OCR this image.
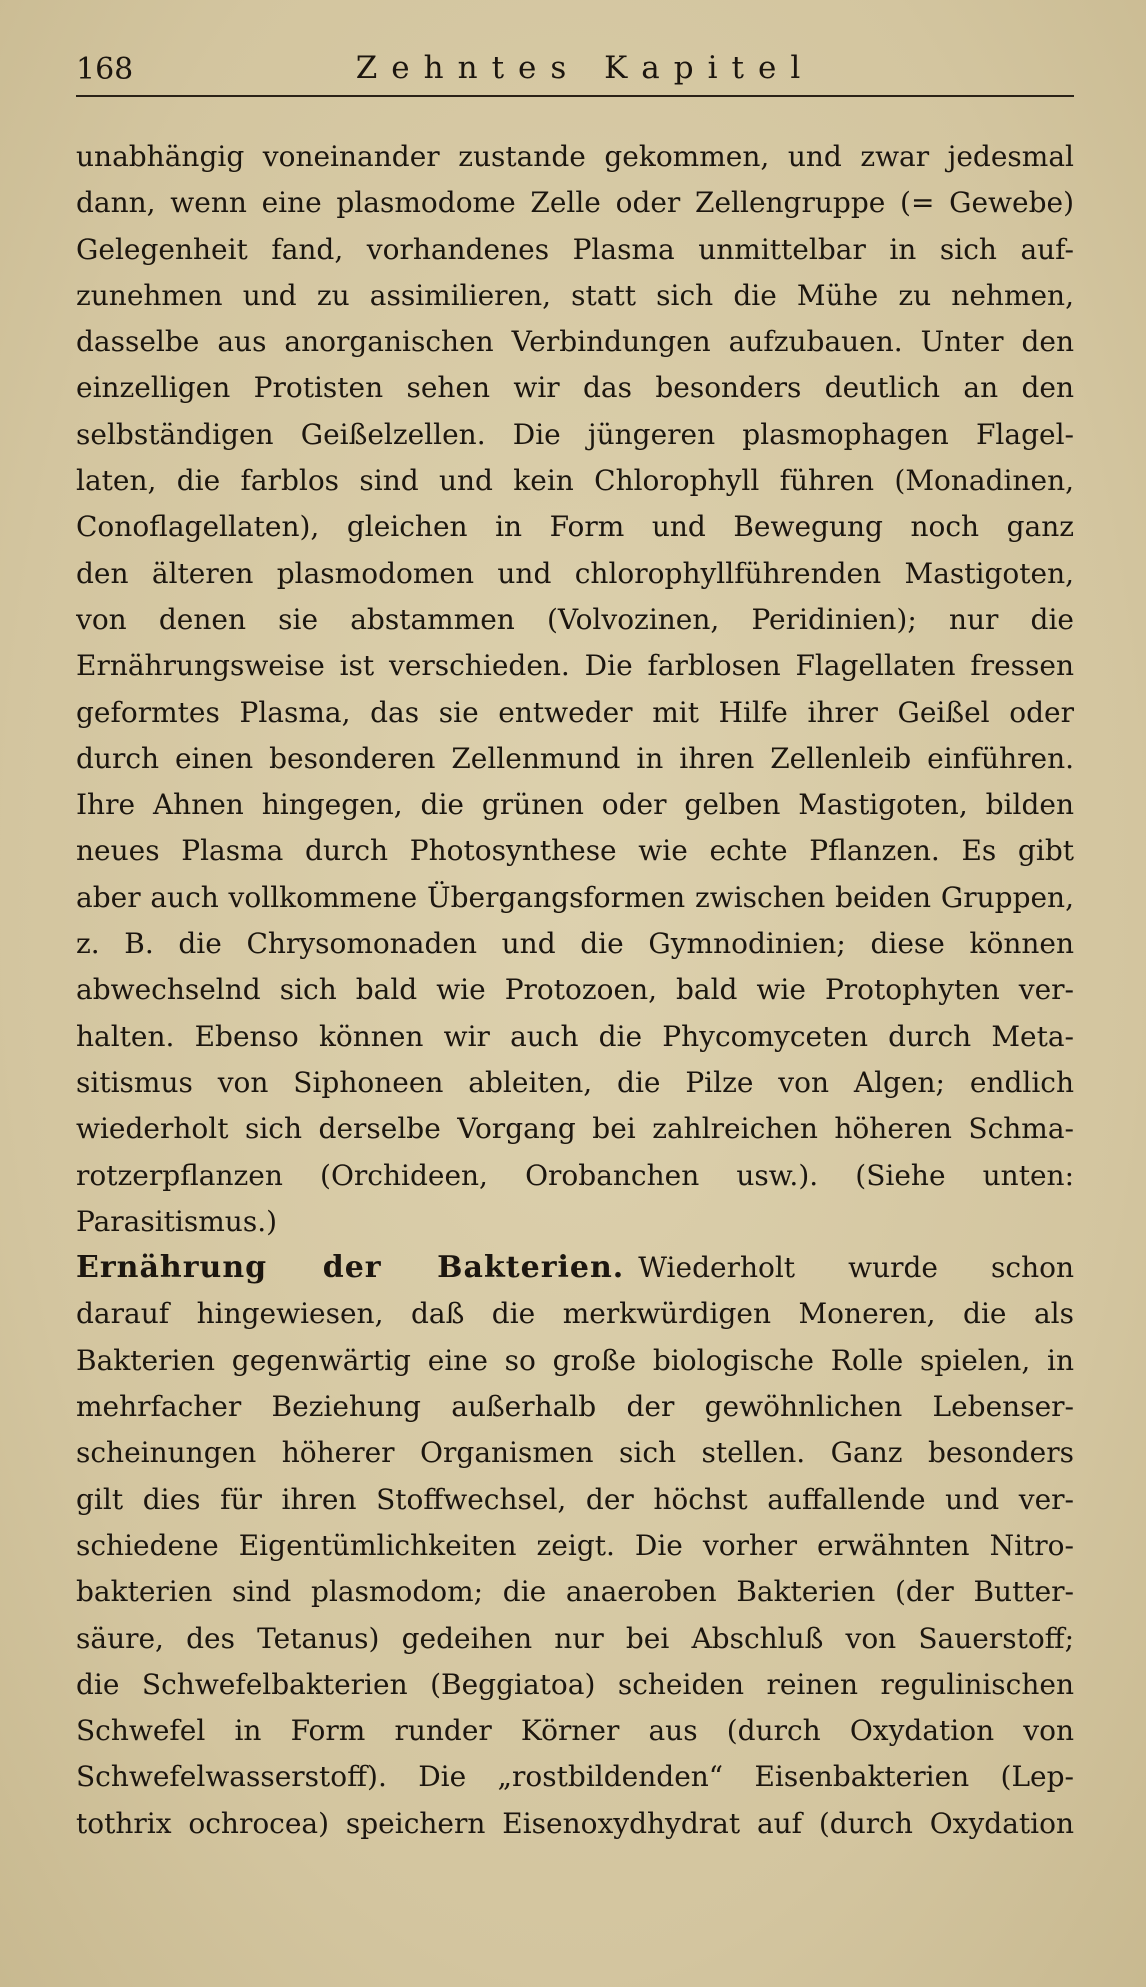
168	Zehntes Kapitel
unabhängig voneinander zustande gekommen, und zwar jedesmal
dann, wenn eine plasmodome Zelle oder Zellengruppe (= Gewebe)
Gelegenheit fand, vorhandenes Plasma unmittelbar in sich auf-
zunehmen und zu assimilieren, statt sich die Mühe zu nehmen,
dasselbe aus anorganischen Verbindungen aufzubauen. Unter den
einzelligen Protisten sehen wir das besonders deutlich an den
selbständigen Geißelzellen. Die jüngeren plasmophagen Flagel-
laten, die farblos sind und kein Chlorophyll führen (Monadinen,
Conoflagellaten), gleichen in Form und Bewegung noch ganz
den älteren plasmodomen und chlorophyllführenden Mastigoten,
von denen sie abstammen (Volvozinen, Peridinien); nur die
Ernährungsweise ist verschieden. Die farblosen Flagellaten fressen
geformtes Plasma, das sie entweder mit Hilfe ihrer Geißel oder
durch einen besonderen Zellenmund in ihren Zellenleib einführen.
Ihre Ahnen hingegen, die grünen oder gelben Mastigoten, bilden
neues Plasma durch Photosynthese wie echte Pflanzen. Es gibt
aber auch vollkommene Übergangsformen zwischen beiden Gruppen,
z. B. die Chrysomonaden und die Gymnodinien; diese können
abwechselnd sich bald wie Protozoen, bald wie Protophyten ver-
halten. Ebenso können wir auch die Phycomyceten durch Meta-
sitismus von Siphoneen ableiten, die Pilze von Algen; endlich
wiederholt sich derselbe Vorgang bei zahlreichen höheren Schma-
rotzerpflanzen (Orchideen, Orobanchen usw.). (Siehe unten:
Parasitismus.)
Ernährung der Bakterien. Wiederholt wurde schon
darauf hingewiesen, daß die merkwürdigen Moneren, die als
Bakterien gegenwärtig eine so große biologische Rolle spielen, in
mehrfacher Beziehung außerhalb der gewöhnlichen Lebenser-
scheinungen höherer Organismen sich stellen. Ganz besonders
gilt dies für ihren Stoffwechsel, der höchst auffallende und ver-
schiedene Eigentümlichkeiten zeigt. Die vorher erwähnten Nitro-
bakterien sind plasmodom; die anaeroben Bakterien (der Butter-
säure, des Tetanus) gedeihen nur bei Abschluß von Sauerstoff;
die Schwefelbakterien (Beggiatoa) scheiden reinen regulinischen
Schwefel in Form runder Körner aus (durch Oxydation von
Schwefelwasserstoff). Die „rostbildenden“ Eisenbakterien (Lep-
tothrix ochrocea) speichern Eisenoxydhydrat auf (durch Oxydation
